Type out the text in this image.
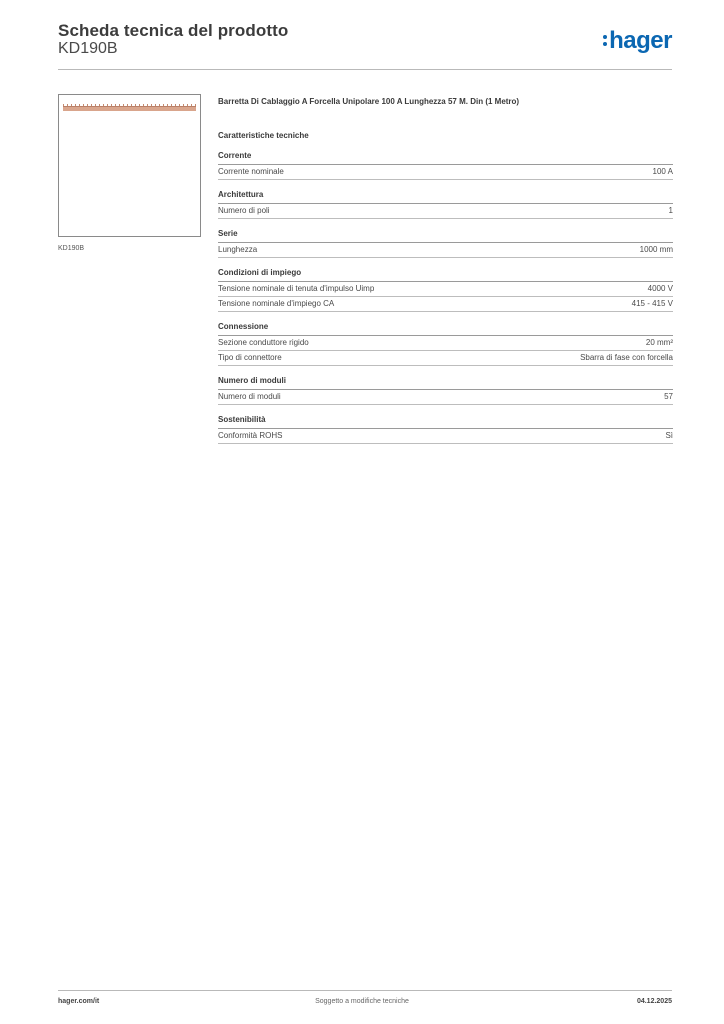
Scheda tecnica del prodotto
KD190B	hager
KD190B
Barretta Di Cablaggio A Forcella Unipolare 100 A Lunghezza 57 M. Din (1 Metro)
Caratteristiche tecniche
Corrente
Corrente nominale	100 A
Architettura
Numero di poli	1
Serie
Lunghezza	1000 mm
Condizioni di impiego
Tensione nominale di tenuta d'impulso Uimp	4000 V
Tensione nominale d'impiego CA	415 - 415 V
Connessione
Sezione conduttore rigido	20 mm²
Tipo di connettore	Sbarra di fase con forcella
Numero di moduli
Numero di moduli	57
Sostenibilità
Conformità ROHS	Sì
hager.com/it	Soggetto a modifiche tecniche	04.12.2025
